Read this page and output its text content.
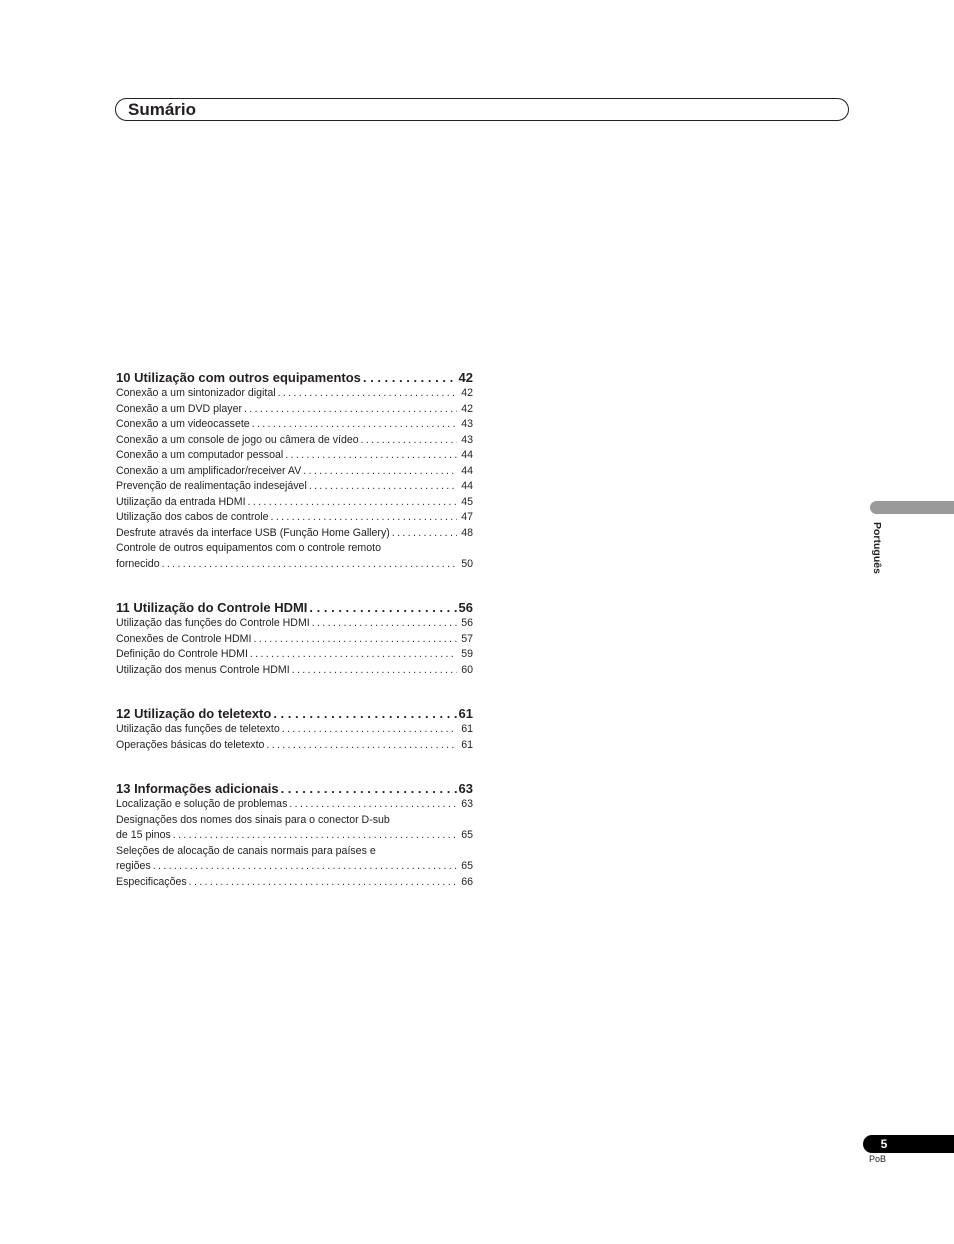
Sumário
10 Utilização com outros equipamentos . . .	42
Conexão a um sintonizador digital . . .	42
Conexão a um DVD player . . .	42
Conexão a um videocassete . . .	43
Conexão a um console de jogo ou câmera de vídeo . . .	43
Conexão a um computador pessoal . . .	44
Conexão a um amplificador/receiver AV . . .	44
Prevenção de realimentação indesejável . . .	44
Utilização da entrada HDMI . . .	45
Utilização dos cabos de controle . . .	47
Desfrute através da interface USB (Função Home Gallery) . . .	48
Controle de outros equipamentos com o controle remoto
fornecido . . .	50
11 Utilização do Controle HDMI . . .	56
Utilização das funções do Controle HDMI . . .	56
Conexões de Controle HDMI . . .	57
Definição do Controle HDMI . . .	59
Utilização dos menus Controle HDMI . . .	60
12 Utilização do teletexto . . .	61
Utilização das funções de teletexto . . .	61
Operações básicas do teletexto . . .	61
13 Informações adicionais . . .	63
Localização e solução de problemas . . .	63
Designações dos nomes dos sinais para o conector D-sub
de 15 pinos . . .	65
Seleções de alocação de canais normais para países e
regiões . . .	65
Especificações . . .	66
Português
5
PoB
